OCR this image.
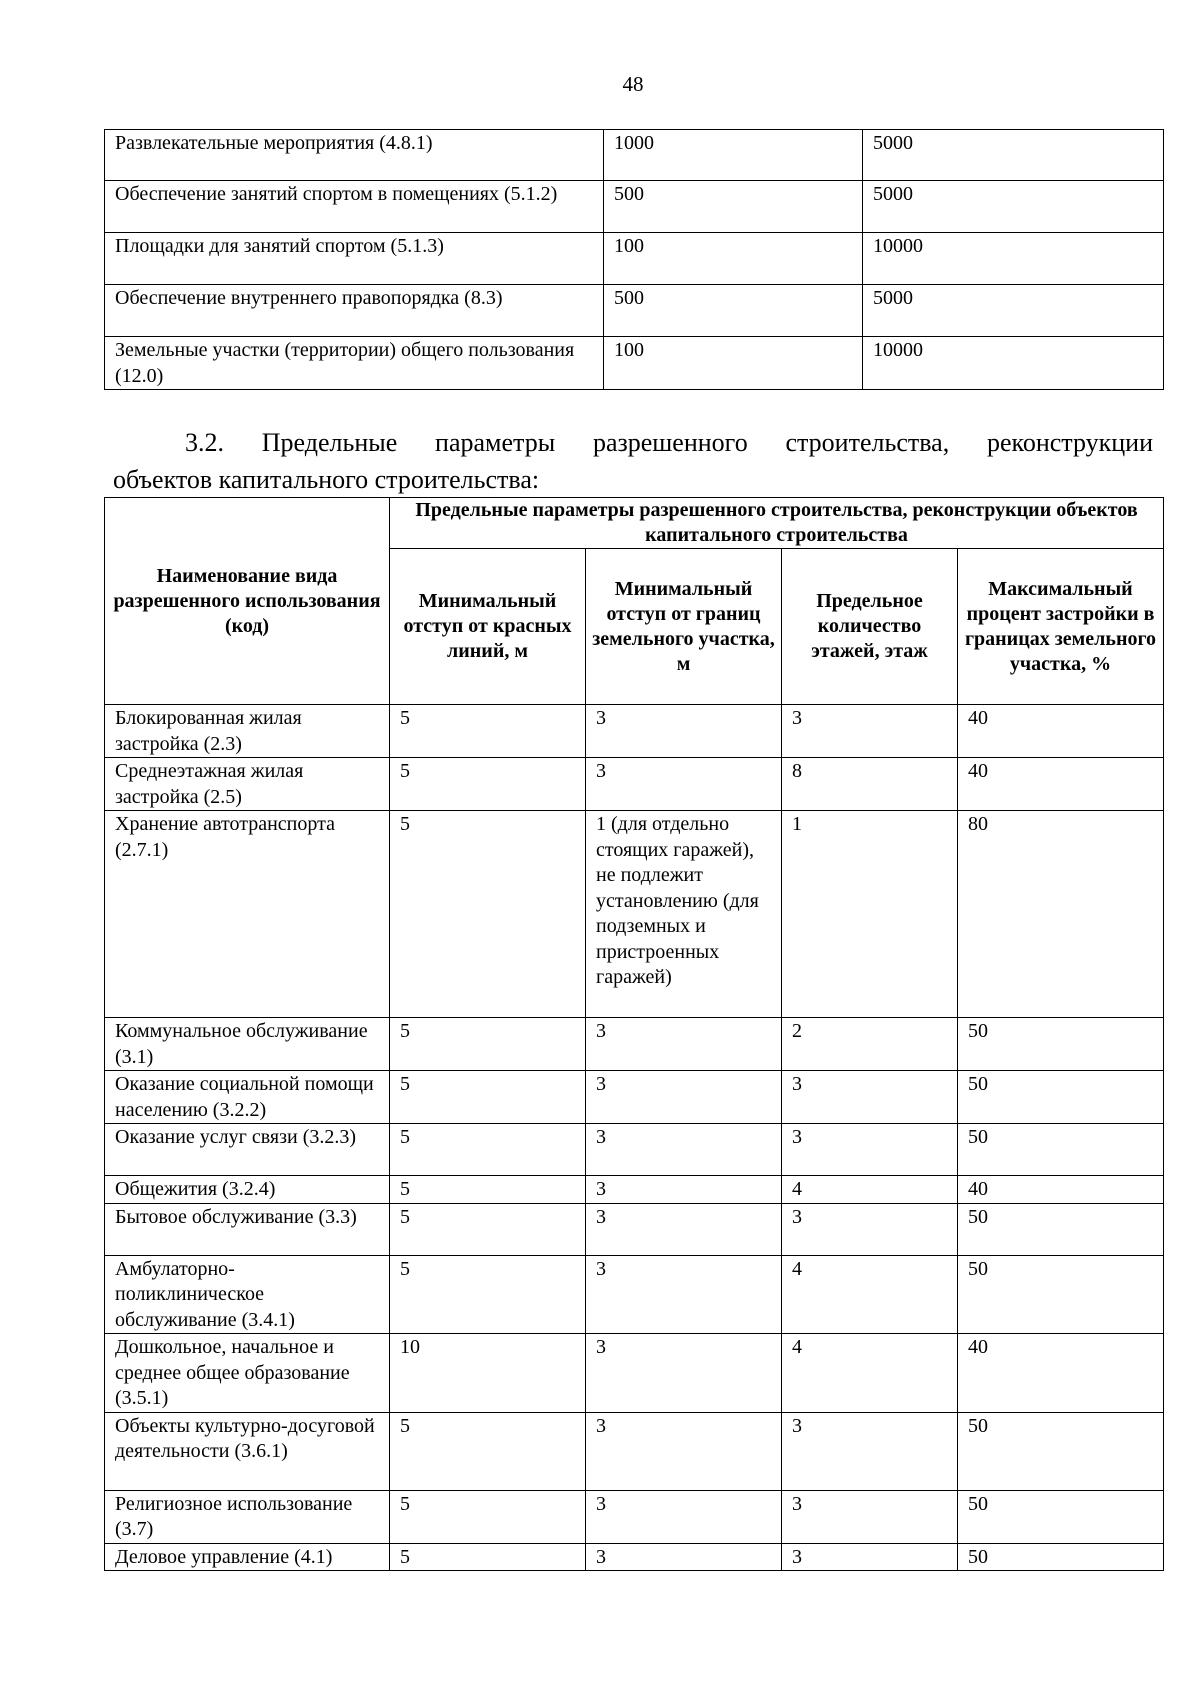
48
Развлекательные мероприятия (4.8.1)	1000	5000
Обеспечение занятий спортом в помещениях (5.1.2)	500	5000
Площадки для занятий спортом (5.1.3)	100	10000
Обеспечение внутреннего правопорядка (8.3)	500	5000
Земельные участки (территории) общего пользования (12.0)	100	10000
3.2. Предельные параметры разрешенного строительства, реконструкции
объектов капитального строительства:
Наименование вида разрешенного использования (код)	Предельные параметры разрешенного строительства, реконструкции объектов капитального строительства			
	Минимальный отступ от красных линий, м	Минимальный отступ от границ земельного участка, м	Предельное количество этажей, этаж	Максимальный процент застройки в границах земельного участка, %
Блокированная жилая застройка (2.3)	5	3	3	40
Среднеэтажная жилая застройка (2.5)	5	3	8	40
Хранение автотранспорта (2.7.1)	5	1 (для отдельно стоящих гаражей), не подлежит установлению (для подземных и пристроенных гаражей)	1	80
Коммунальное обслуживание (3.1)	5	3	2	50
Оказание социальной помощи населению (3.2.2)	5	3	3	50
Оказание услуг связи (3.2.3)	5	3	3	50
Общежития (3.2.4)	5	3	4	40
Бытовое обслуживание (3.3)	5	3	3	50
Амбулаторно-поликлиническое обслуживание (3.4.1)	5	3	4	50
Дошкольное, начальное и среднее общее образование (3.5.1)	10	3	4	40
Объекты культурно-досуговой деятельности (3.6.1)	5	3	3	50
Религиозное использование (3.7)	5	3	3	50
Деловое управление (4.1)	5	3	3	50
